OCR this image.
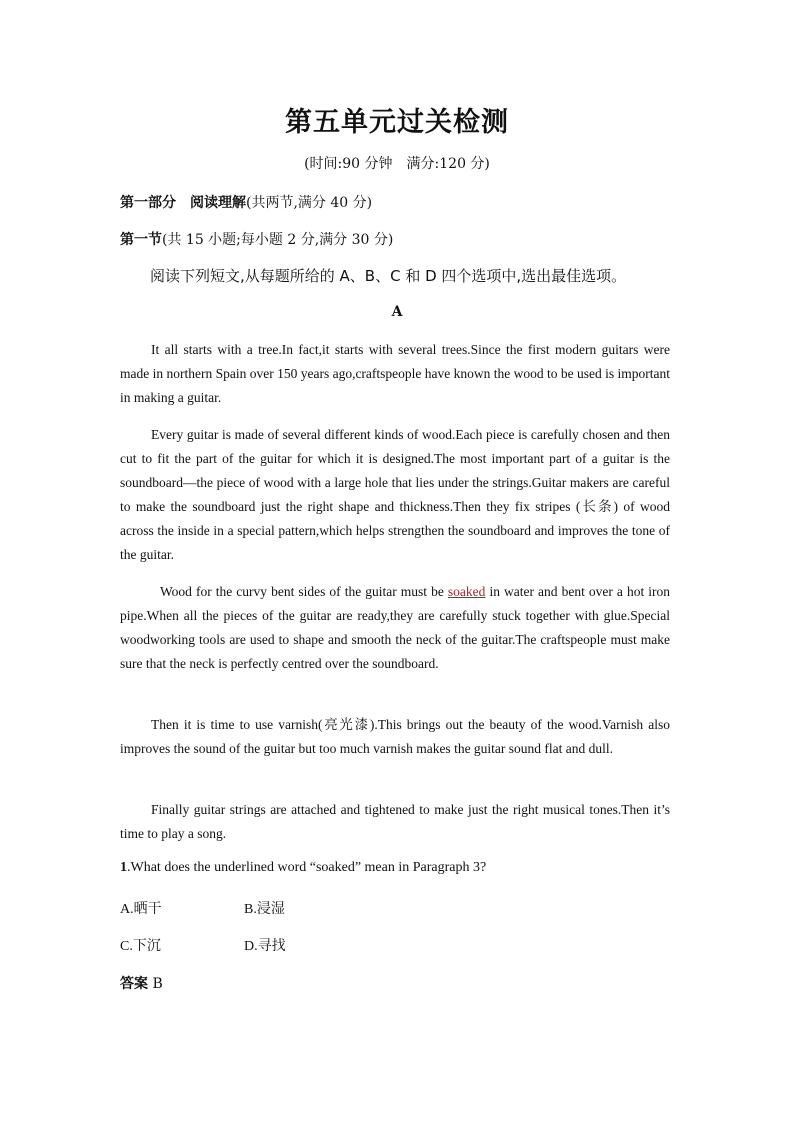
第五单元过关检测
(时间:90 分钟　满分:120 分)
第一部分　阅读理解(共两节,满分 40 分)
第一节(共 15 小题;每小题 2 分,满分 30 分)
阅读下列短文,从每题所给的 A、B、C 和 D 四个选项中,选出最佳选项。
A
It all starts with a tree.In fact,it starts with several trees.Since the first modern guitars were made in northern Spain over 150 years ago,craftspeople have known the wood to be used is important in making a guitar.
Every guitar is made of several different kinds of wood.Each piece is carefully chosen and then cut to fit the part of the guitar for which it is designed.The most important part of a guitar is the soundboard—the piece of wood with a large hole that lies under the strings.Guitar makers are careful to make the soundboard just the right shape and thickness.Then they fix stripes (长条) of wood across the inside in a special pattern,which helps strengthen the soundboard and improves the tone of the guitar.
Wood for the curvy bent sides of the guitar must be soaked in water and bent over a hot iron pipe.When all the pieces of the guitar are ready,they are carefully stuck together with glue.Special woodworking tools are used to shape and smooth the neck of the guitar.The craftspeople must make sure that the neck is perfectly centred over the soundboard.
Then it is time to use varnish(亮光漆).This brings out the beauty of the wood.Varnish also improves the sound of the guitar but too much varnish makes the guitar sound flat and dull.
Finally guitar strings are attached and tightened to make just the right musical tones.Then it’s time to play a song.
1.What does the underlined word “soaked” mean in Paragraph 3?
A.晒干	B.浸湿
C.下沉	D.寻找
答案 B
